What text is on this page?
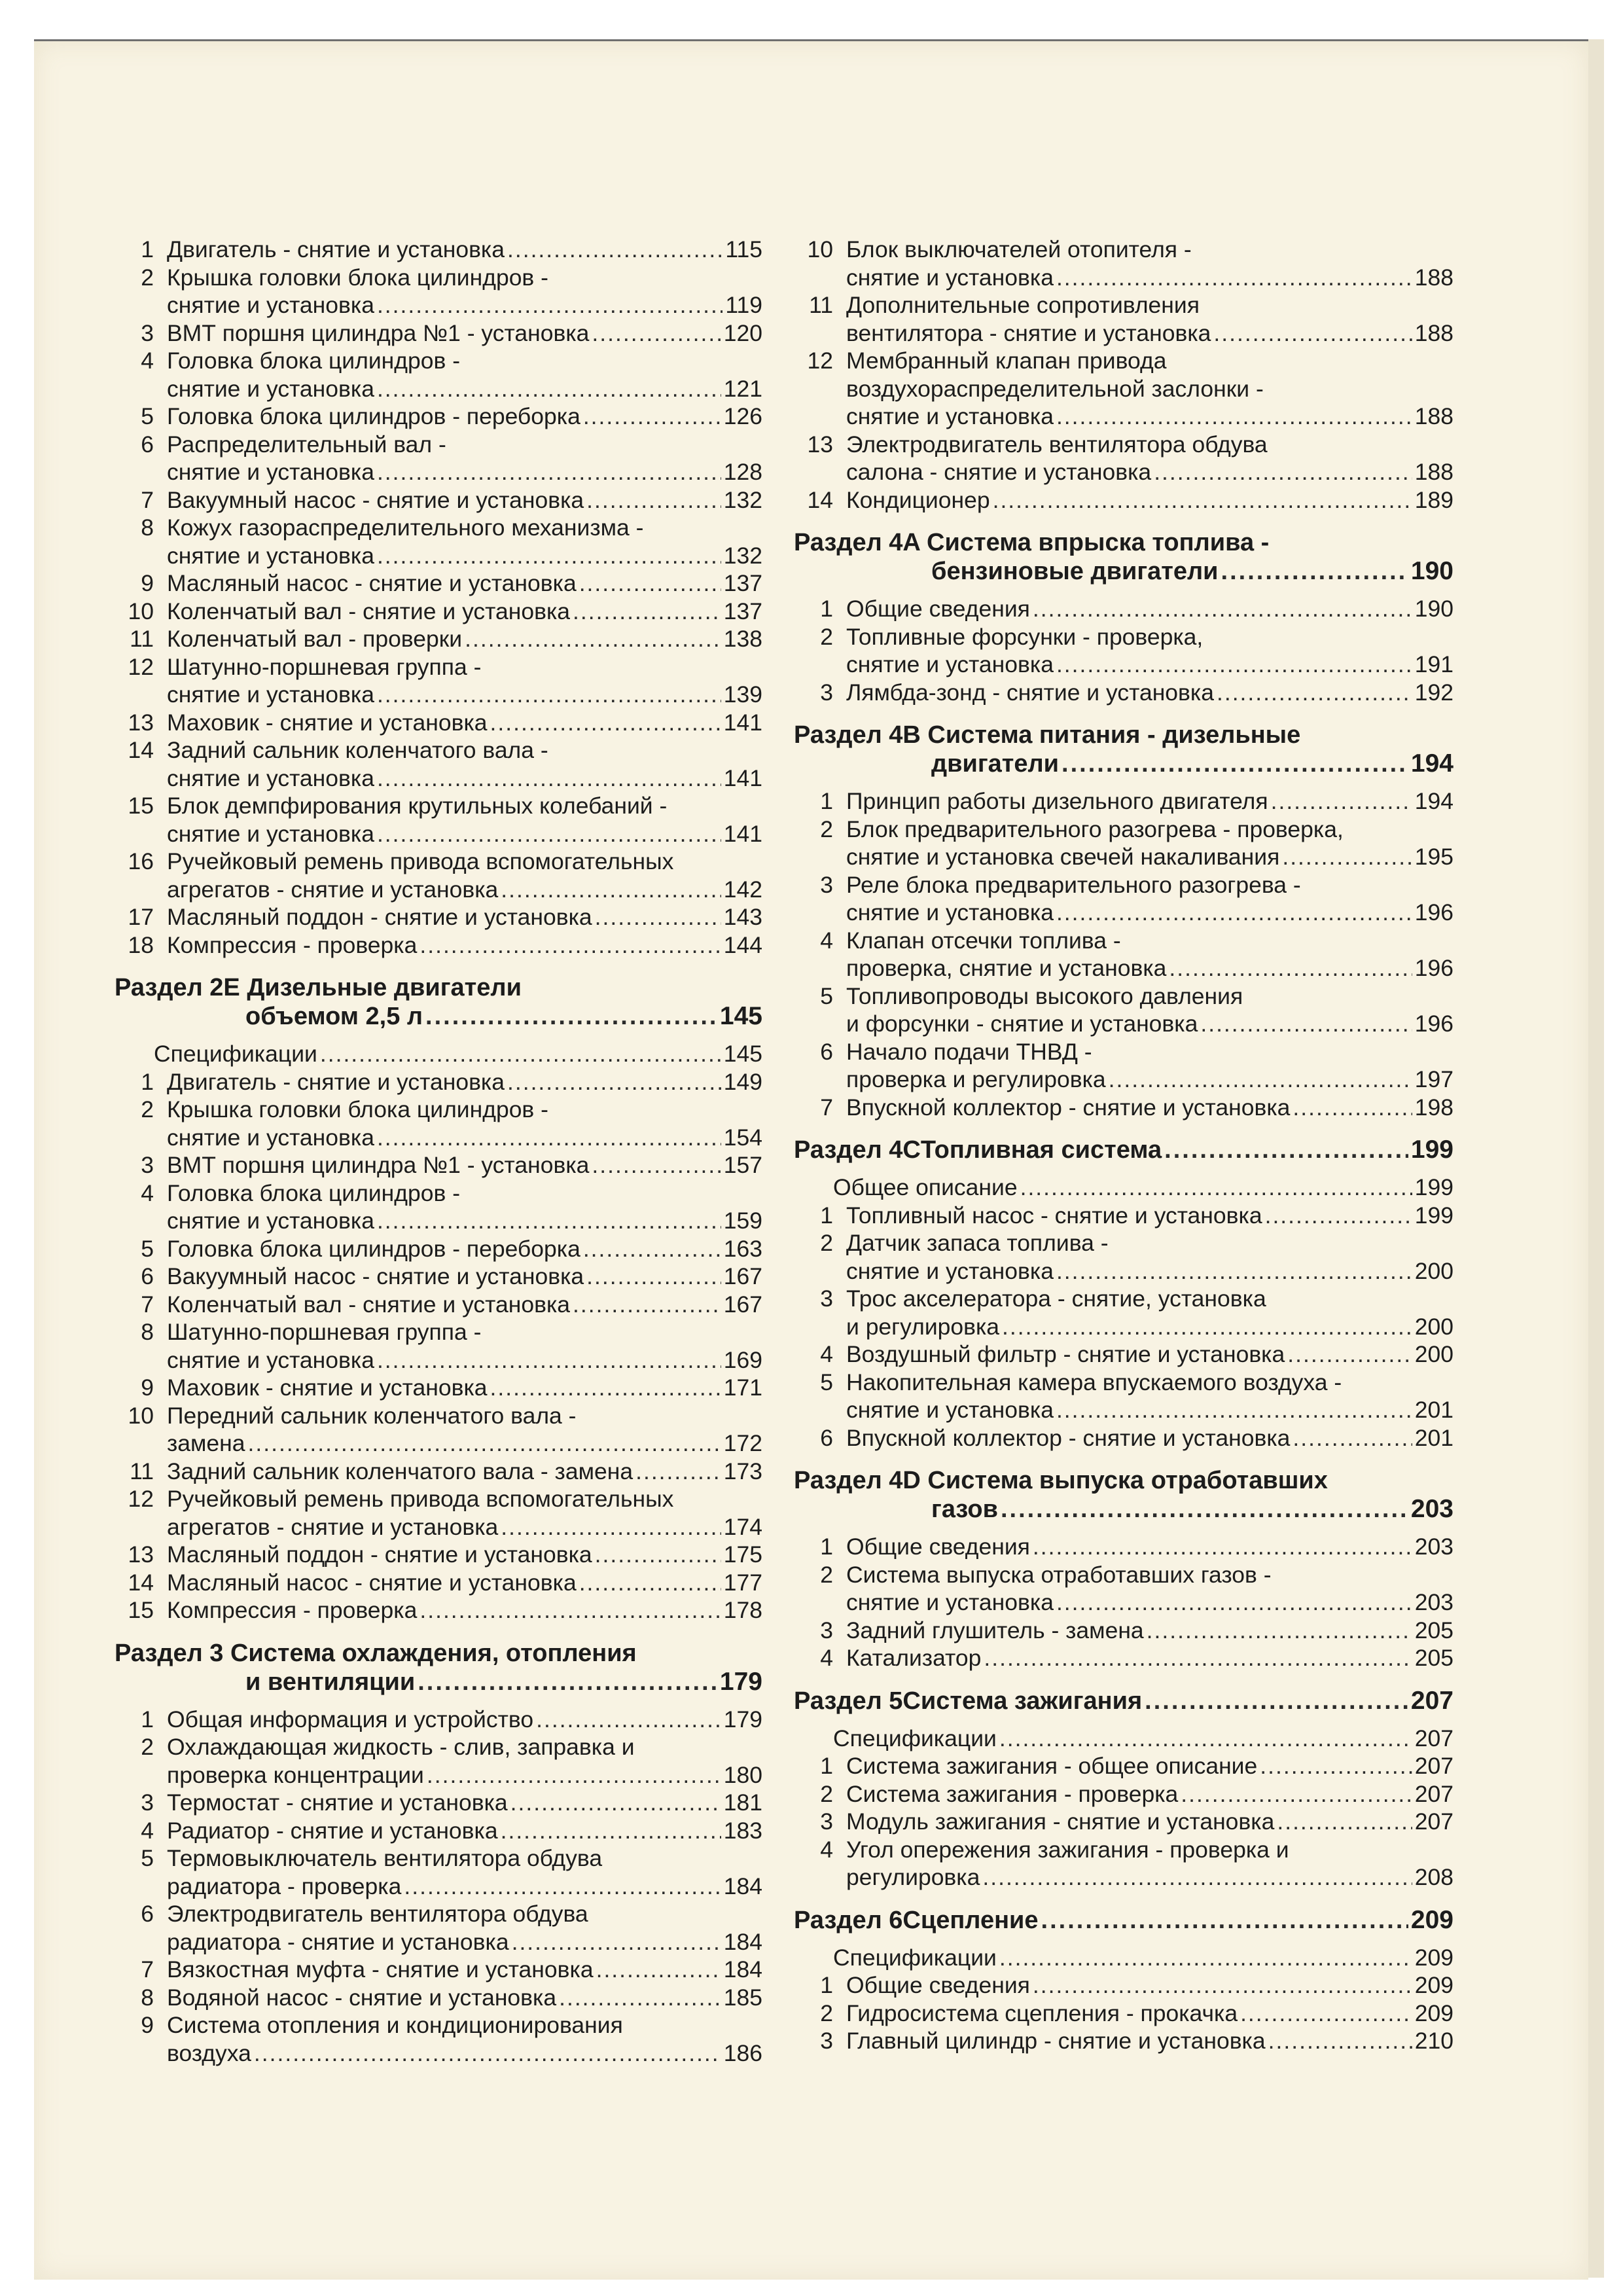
1 Двигатель - снятие и установка .....	115
2 Крышка головки блока цилиндров -
снятие и установка .....	119
3 ВМТ поршня цилиндра №1 - установка .....	120
4 Головка блока цилиндров -
снятие и установка .....	121
5 Головка блока цилиндров - переборка .....	126
6 Распределительный вал -
снятие и установка .....	128
7 Вакуумный насос - снятие и установка .....	132
8 Кожух газораспределительного механизма -
снятие и установка .....	132
9 Масляный насос - снятие и установка .....	137
10 Коленчатый вал - снятие и установка .....	137
11 Коленчатый вал - проверки .....	138
12 Шатунно-поршневая группа -
снятие и установка .....	139
13 Маховик - снятие и установка .....	141
14 Задний сальник коленчатого вала -
снятие и установка .....	141
15 Блок демпфирования крутильных колебаний -
снятие и установка .....	141
16 Ручейковый ремень привода вспомогательных
агрегатов - снятие и установка .....	142
17 Масляный поддон - снятие и установка .....	143
18 Компрессия - проверка .....	144
Раздел 2E Дизельные двигатели
объемом 2,5 л .....	145
Спецификации .....	145
1 Двигатель - снятие и установка .....	149
2 Крышка головки блока цилиндров -
снятие и установка .....	154
3 ВМТ поршня цилиндра №1 - установка .....	157
4 Головка блока цилиндров -
снятие и установка .....	159
5 Головка блока цилиндров - переборка .....	163
6 Вакуумный насос - снятие и установка .....	167
7 Коленчатый вал - снятие и установка .....	167
8 Шатунно-поршневая группа -
снятие и установка .....	169
9 Маховик - снятие и установка .....	171
10 Передний сальник коленчатого вала -
замена .....	172
11 Задний сальник коленчатого вала - замена .....	173
12 Ручейковый ремень привода вспомогательных
агрегатов - снятие и установка .....	174
13 Масляный поддон - снятие и установка .....	175
14 Масляный насос - снятие и установка .....	177
15 Компрессия - проверка .....	178
Раздел 3 Система охлаждения, отопления
и вентиляции .....	179
1 Общая информация и устройство .....	179
2 Охлаждающая жидкость - слив, заправка и
проверка концентрации .....	180
3 Термостат - снятие и установка .....	181
4 Радиатор - снятие и установка .....	183
5 Термовыключатель вентилятора обдува
радиатора - проверка .....	184
6 Электродвигатель вентилятора обдува
радиатора - снятие и установка .....	184
7 Вязкостная муфта - снятие и установка .....	184
8 Водяной насос - снятие и установка .....	185
9 Система отопления и кондиционирования
воздуха .....	186
10 Блок выключателей отопителя -
снятие и установка .....	188
11 Дополнительные сопротивления
вентилятора - снятие и установка .....	188
12 Мембранный клапан привода
воздухораспределительной заслонки -
снятие и установка .....	188
13 Электродвигатель вентилятора обдува
салона - снятие и установка .....	188
14 Кондиционер .....	189
Раздел 4A Система впрыска топлива -
бензиновые двигатели .....	190
1 Общие сведения .....	190
2 Топливные форсунки - проверка,
снятие и установка .....	191
3 Лямбда-зонд - снятие и установка .....	192
Раздел 4B Система питания - дизельные
двигатели .....	194
1 Принцип работы дизельного двигателя .....	194
2 Блок предварительного разогрева - проверка,
снятие и установка свечей накаливания .....	195
3 Реле блока предварительного разогрева -
снятие и установка .....	196
4 Клапан отсечки топлива -
проверка, снятие и установка .....	196
5 Топливопроводы высокого давления
и форсунки - снятие и установка .....	196
6 Начало подачи ТНВД -
проверка и регулировка .....	197
7 Впускной коллектор - снятие и установка .....	198
Раздел 4C Топливная система .....	199
Общее описание .....	199
1 Топливный насос - снятие и установка .....	199
2 Датчик запаса топлива -
снятие и установка .....	200
3 Трос акселератора - снятие, установка
и регулировка .....	200
4 Воздушный фильтр - снятие и установка .....	200
5 Накопительная камера впускаемого воздуха -
снятие и установка .....	201
6 Впускной коллектор - снятие и установка .....	201
Раздел 4D Система выпуска отработавших
газов .....	203
1 Общие сведения .....	203
2 Система выпуска отработавших газов -
снятие и установка .....	203
3 Задний глушитель - замена .....	205
4 Катализатор .....	205
Раздел 5 Система зажигания .....	207
Спецификации .....	207
1 Система зажигания - общее описание .....	207
2 Система зажигания - проверка .....	207
3 Модуль зажигания - снятие и установка .....	207
4 Угол опережения зажигания - проверка и
регулировка .....	208
Раздел 6 Сцепление .....	209
Спецификации .....	209
1 Общие сведения .....	209
2 Гидросистема сцепления - прокачка .....	209
3 Главный цилиндр - снятие и установка .....	210
